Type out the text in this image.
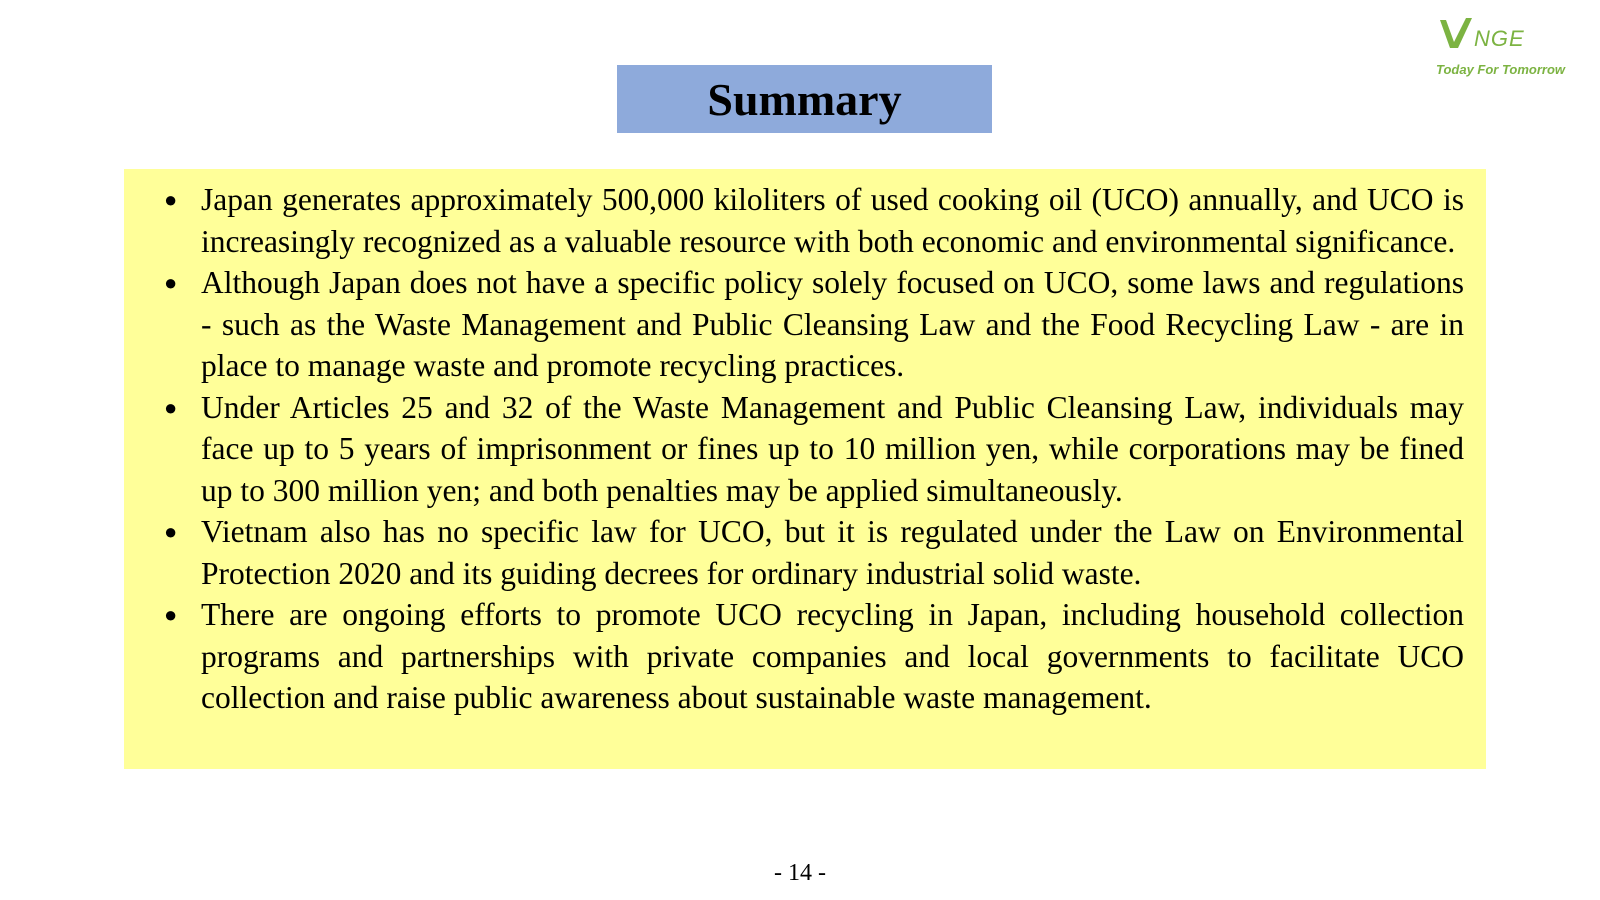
NGE
Today For Tomorrow
Summary
● Japan generates approximately 500,000 kiloliters of used cooking oil (UCO) annually, and UCO is increasingly recognized as a valuable resource with both economic and environmental significance.
● Although Japan does not have a specific policy solely focused on UCO, some laws and regulations - such as the Waste Management and Public Cleansing Law and the Food Recycling Law - are in place to manage waste and promote recycling practices.
● Under Articles 25 and 32 of the Waste Management and Public Cleansing Law, individuals may face up to 5 years of imprisonment or fines up to 10 million yen, while corporations may be fined up to 300 million yen; and both penalties may be applied simultaneously.
● Vietnam also has no specific law for UCO, but it is regulated under the Law on Environmental Protection 2020 and its guiding decrees for ordinary industrial solid waste.
● There are ongoing efforts to promote UCO recycling in Japan, including household collection programs and partnerships with private companies and local governments to facilitate UCO collection and raise public awareness about sustainable waste management.
- 14 -
